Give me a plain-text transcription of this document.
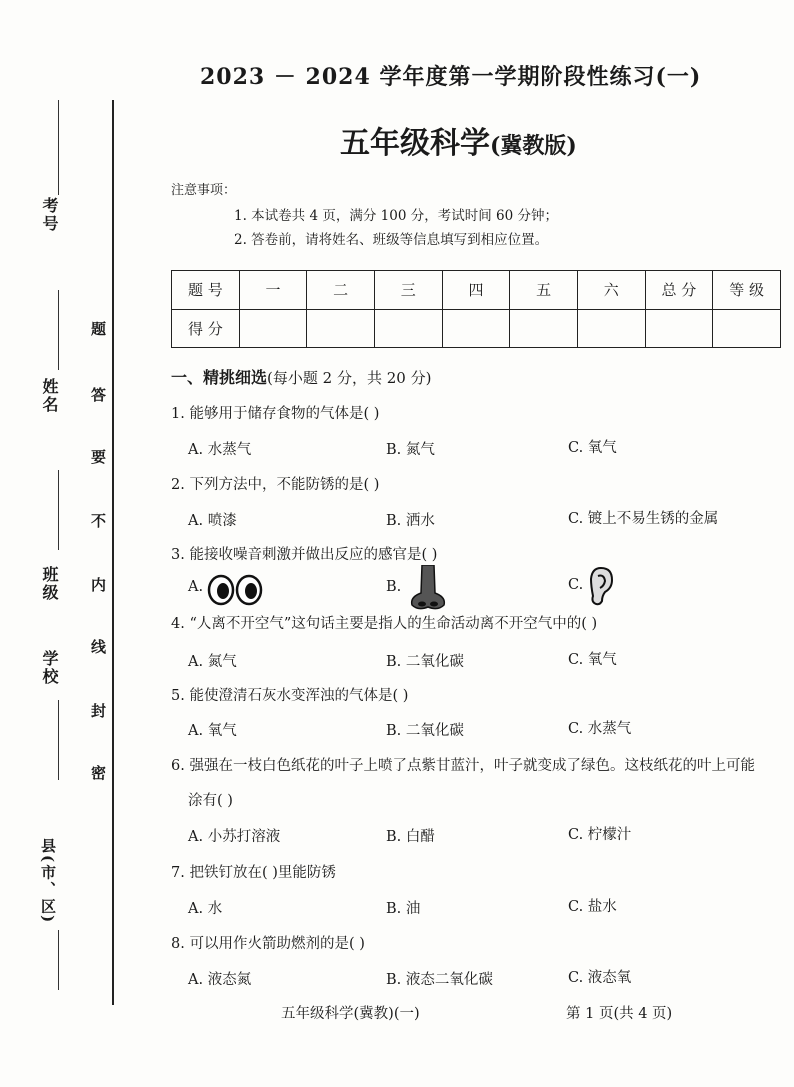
考号
姓名
班级
学校
县(市、区)
题
答
要
不
内
线
封
密
2023 － 2024 学年度第一学期阶段性练习(一)
五年级科学(冀教版)
注意事项：
1. 本试卷共 4 页，满分 100 分，考试时间 60 分钟；
2. 答卷前，请将姓名、班级等信息填写到相应位置。
题 号	一	二	三	四	五	六	总 分	等 级
得 分								
一、精挑细选(每小题 2 分，共 20 分)
1. 能够用于储存食物的气体是( )
A. 水蒸气	B. 氮气	C. 氧气
2. 下列方法中，不能防锈的是( )
A. 喷漆	B. 洒水	C. 镀上不易生锈的金属
3. 能接收噪音刺激并做出反应的感官是( )
A.	B.	C.
4. “人离不开空气”这句话主要是指人的生命活动离不开空气中的( )
A. 氮气	B. 二氧化碳	C. 氧气
5. 能使澄清石灰水变浑浊的气体是( )
A. 氧气	B. 二氧化碳	C. 水蒸气
6. 强强在一枝白色纸花的叶子上喷了点紫甘蓝汁，叶子就变成了绿色。这枝纸花的叶上可能
涂有( )
A. 小苏打溶液	B. 白醋	C. 柠檬汁
7. 把铁钉放在( )里能防锈
A. 水	B. 油	C. 盐水
8. 可以用作火箭助燃剂的是( )
A. 液态氮	B. 液态二氧化碳	C. 液态氧
五年级科学(冀教)(一)	第 1 页(共 4 页)
